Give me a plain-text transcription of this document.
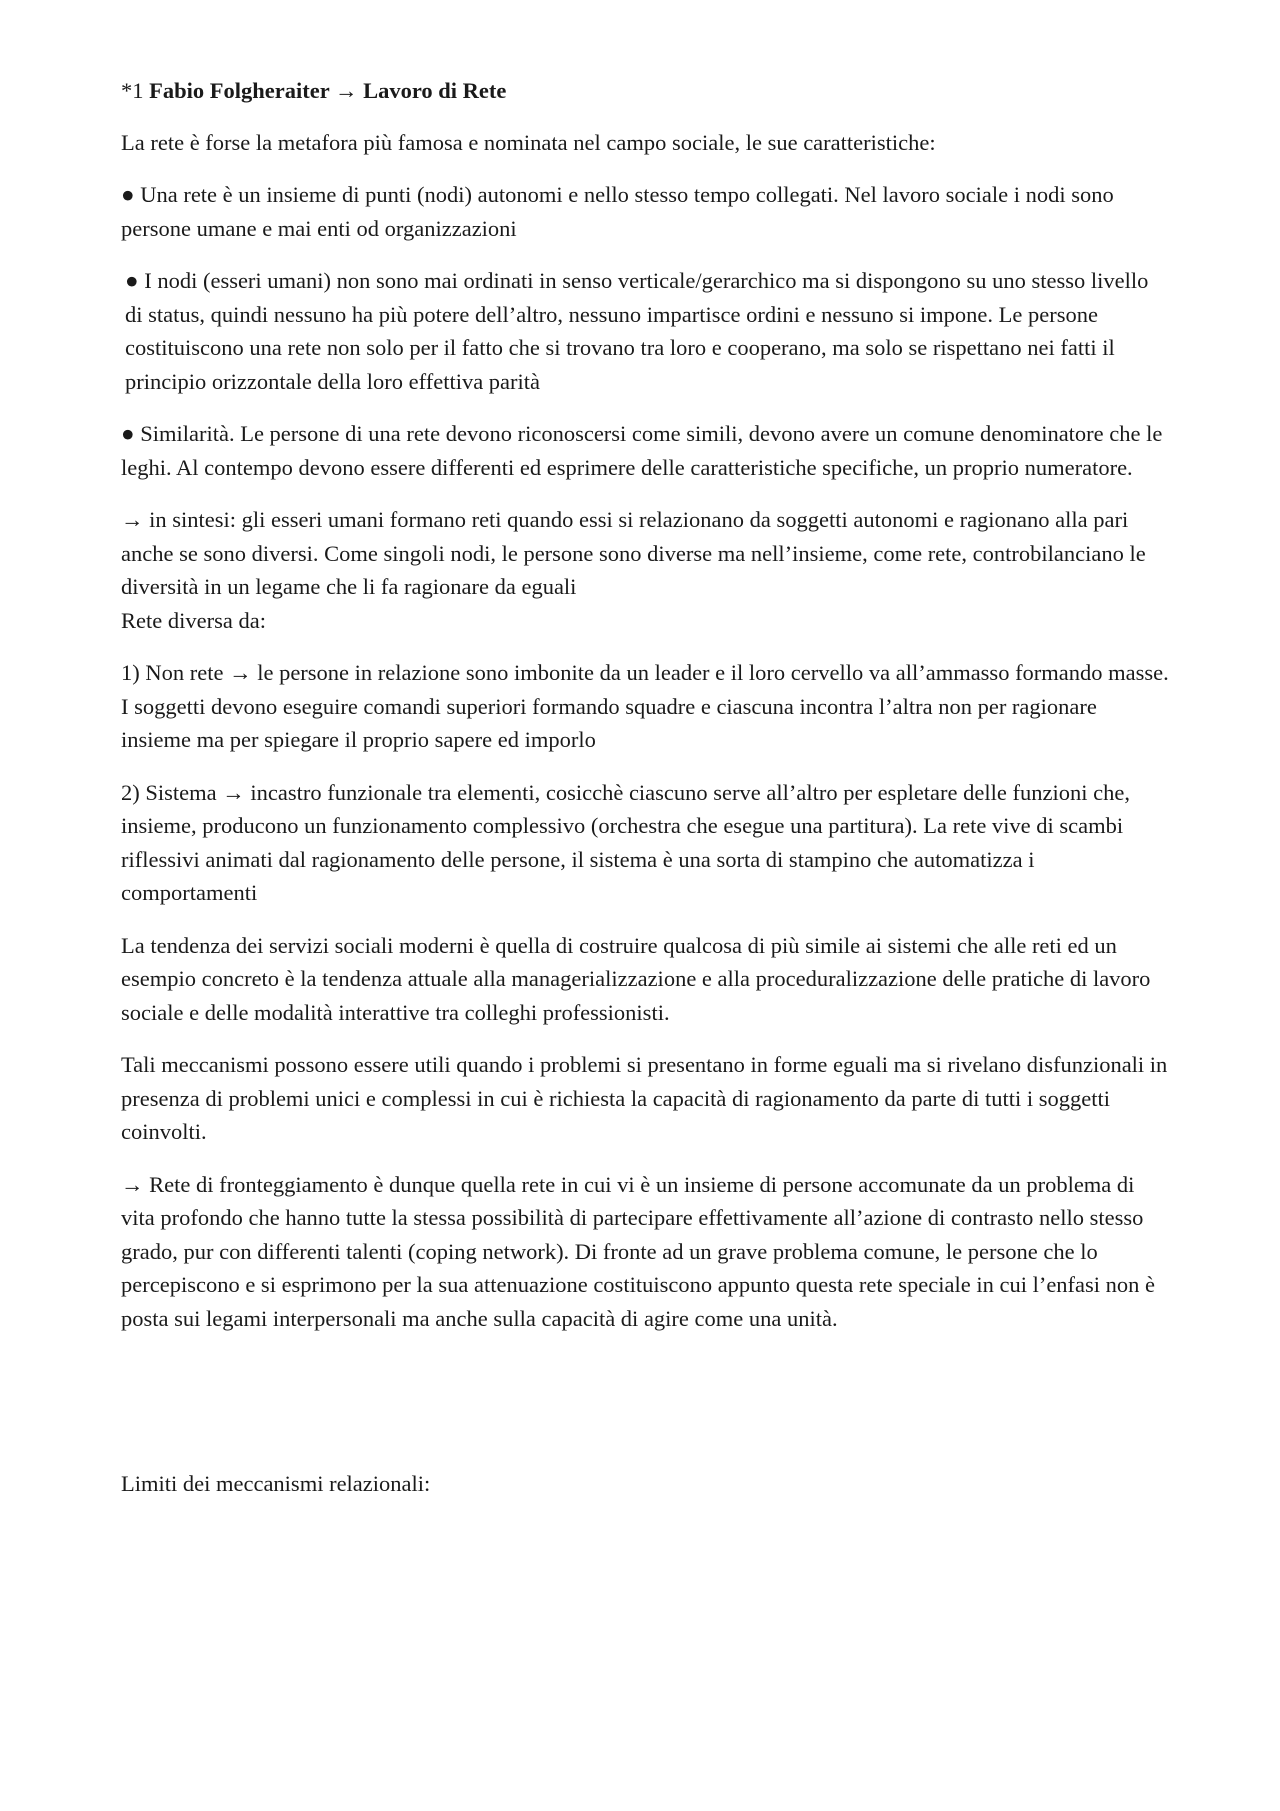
*1 Fabio Folgheraiter → Lavoro di Rete

La rete è forse la metafora più famosa e nominata nel campo sociale, le sue caratteristiche:

● Una rete è un insieme di punti (nodi) autonomi e nello stesso tempo collegati. Nel lavoro sociale i nodi sono persone umane e mai enti od organizzazioni

● I nodi (esseri umani) non sono mai ordinati in senso verticale/gerarchico ma si dispongono su uno stesso livello di status, quindi nessuno ha più potere dell’altro, nessuno impartisce ordini e nessuno si impone. Le persone costituiscono una rete non solo per il fatto che si trovano tra loro e cooperano, ma solo se rispettano nei fatti il principio orizzontale della loro effettiva parità

● Similarità. Le persone di una rete devono riconoscersi come simili, devono avere un comune denominatore che le leghi. Al contempo devono essere differenti ed esprimere delle caratteristiche specifiche, un proprio numeratore.

→ in sintesi: gli esseri umani formano reti quando essi si relazionano da soggetti autonomi e ragionano alla pari anche se sono diversi. Come singoli nodi, le persone sono diverse ma nell’insieme, come rete, controbilanciano le diversità in un legame che li fa ragionare da eguali
Rete diversa da:

1) Non rete → le persone in relazione sono imbonite da un leader e il loro cervello va all’ammasso formando masse. I soggetti devono eseguire comandi superiori formando squadre e ciascuna incontra l’altra non per ragionare insieme ma per spiegare il proprio sapere ed imporlo

2) Sistema → incastro funzionale tra elementi, cosicchè ciascuno serve all’altro per espletare delle funzioni che, insieme, producono un funzionamento complessivo (orchestra che esegue una partitura). La rete vive di scambi riflessivi animati dal ragionamento delle persone, il sistema è una sorta di stampino che automatizza i comportamenti

La tendenza dei servizi sociali moderni è quella di costruire qualcosa di più simile ai sistemi che alle reti ed un esempio concreto è la tendenza attuale alla managerializzazione e alla proceduralizzazione delle pratiche di lavoro sociale e delle modalità interattive tra colleghi professionisti.

Tali meccanismi possono essere utili quando i problemi si presentano in forme eguali ma si rivelano disfunzionali in presenza di problemi unici e complessi in cui è richiesta la capacità di ragionamento da parte di tutti i soggetti coinvolti.

→ Rete di fronteggiamento è dunque quella rete in cui vi è un insieme di persone accomunate da un problema di vita profondo che hanno tutte la stessa possibilità di partecipare effettivamente all’azione di contrasto nello stesso grado, pur con differenti talenti (coping network). Di fronte ad un grave problema comune, le persone che lo percepiscono e si esprimono per la sua attenuazione costituiscono appunto questa rete speciale in cui l’enfasi non è posta sui legami interpersonali ma anche sulla capacità di agire come una unità.

Limiti dei meccanismi relazionali:
